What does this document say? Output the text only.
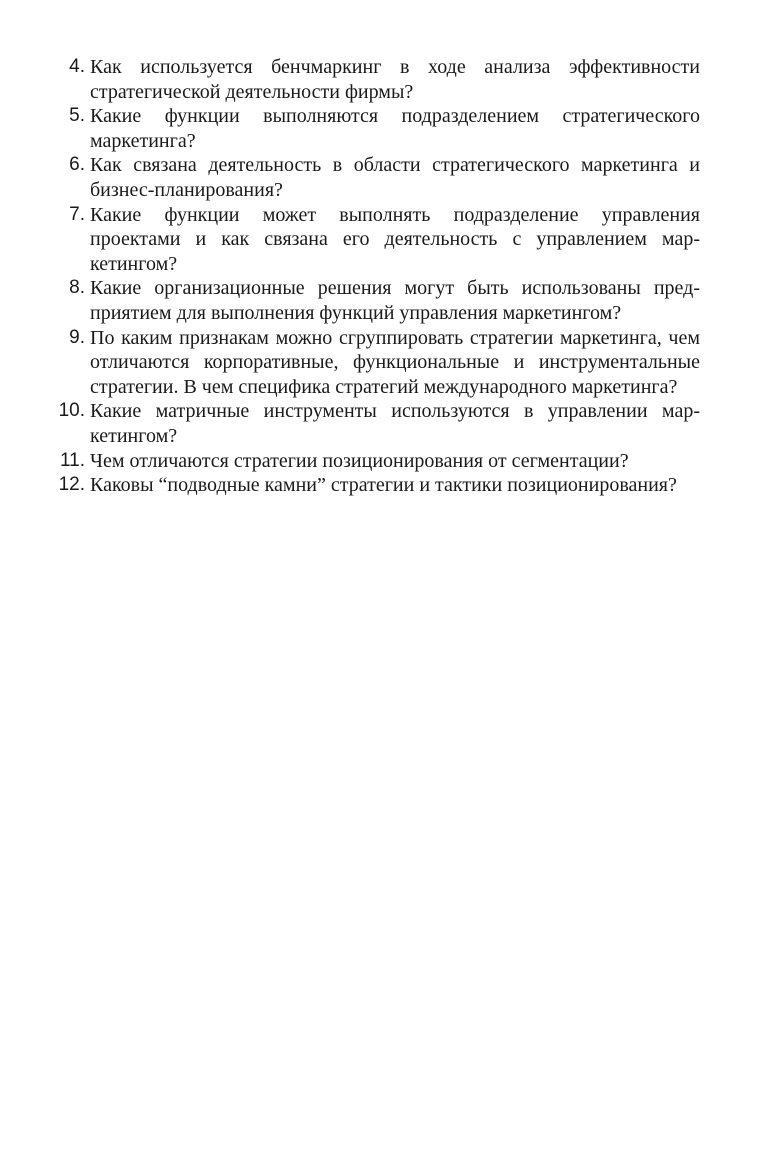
4. Как используется бенчмаркинг в ходе анализа эффективности стратегической деятельности фирмы?
5. Какие функции выполняются подразделением стратегического маркетинга?
6. Как связана деятельность в области стратегического маркетинга и бизнес-планирования?
7. Какие функции может выполнять подразделение управления проектами и как связана его деятельность с управлением маркетингом?
8. Какие организационные решения могут быть использованы предприятием для выполнения функций управления маркетингом?
9. По каким признакам можно сгруппировать стратегии маркетинга, чем отличаются корпоративные, функциональные и инструментальные стратегии. В чем специфика стратегий международного маркетинга?
10. Какие матричные инструменты используются в управлении маркетингом?
11. Чем отличаются стратегии позиционирования от сегментации?
12. Каковы “подводные камни” стратегии и тактики позиционирования?
